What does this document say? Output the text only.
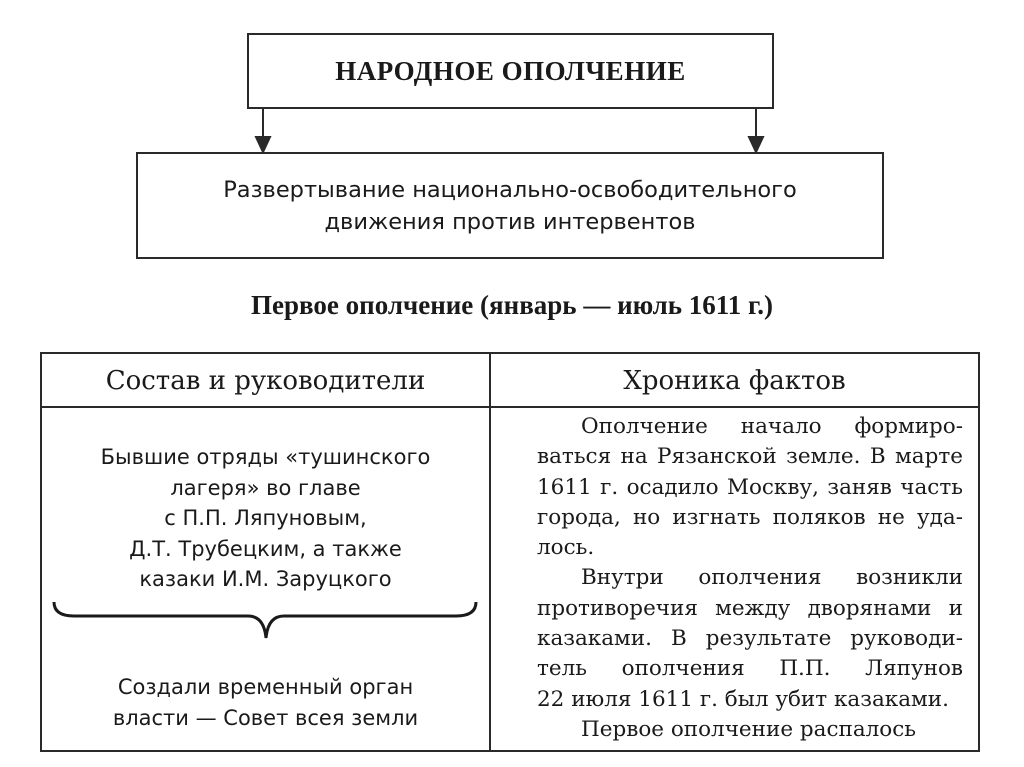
НАРОДНОЕ ОПОЛЧЕНИЕ
Развертывание национально-освободительного
движения против интервентов
Первое ополчение (январь — июль 1611 г.)
Состав и руководители	Хроника фактов
Бывшие отряды «тушинского
лагеря» во главе
с П.П. Ляпуновым,
Д.Т. Трубецким, а также
казаки И.М. Заруцкого
Создали временный орган
власти — Совет всея земли
Ополчение начало формиро-
ваться на Рязанской земле. В марте
1611 г. осадило Москву, заняв часть
города, но изгнать поляков не уда-
лось.
Внутри ополчения возникли
противоречия между дворянами и
казаками. В результате руководи-
тель ополчения П.П. Ляпунов
22 июля 1611 г. был убит казаками.
Первое ополчение распалось
